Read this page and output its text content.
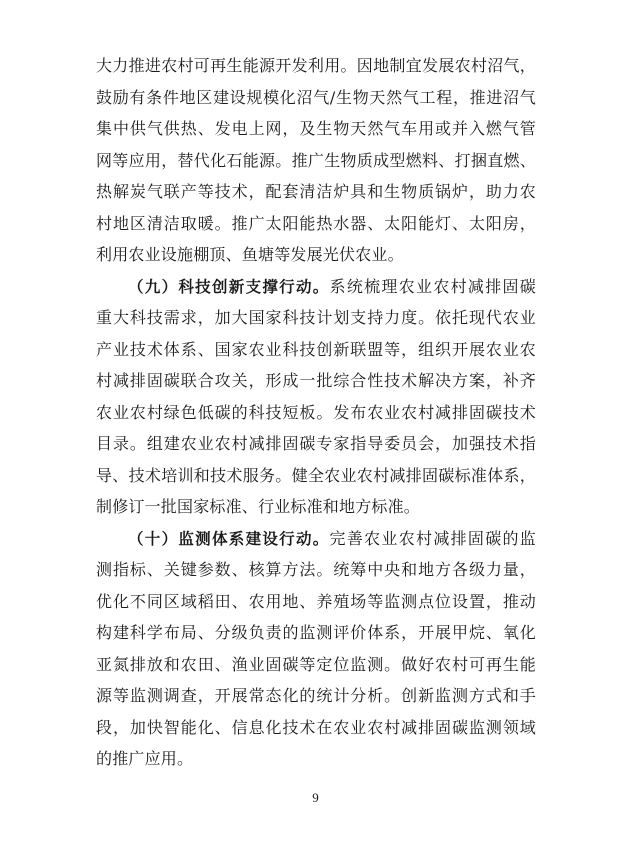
大力推进农村可再生能源开发利用。因地制宜发展农村沼气，
鼓励有条件地区建设规模化沼气/生物天然气工程，推进沼气
集中供气供热、发电上网，及生物天然气车用或并入燃气管
网等应用，替代化石能源。推广生物质成型燃料、打捆直燃、
热解炭气联产等技术，配套清洁炉具和生物质锅炉，助力农
村地区清洁取暖。推广太阳能热水器、太阳能灯、太阳房，
利用农业设施棚顶、鱼塘等发展光伏农业。
（九）科技创新支撑行动。系统梳理农业农村减排固碳
重大科技需求，加大国家科技计划支持力度。依托现代农业
产业技术体系、国家农业科技创新联盟等，组织开展农业农
村减排固碳联合攻关，形成一批综合性技术解决方案，补齐
农业农村绿色低碳的科技短板。发布农业农村减排固碳技术
目录。组建农业农村减排固碳专家指导委员会，加强技术指
导、技术培训和技术服务。健全农业农村减排固碳标准体系，
制修订一批国家标准、行业标准和地方标准。
（十）监测体系建设行动。完善农业农村减排固碳的监
测指标、关键参数、核算方法。统筹中央和地方各级力量，
优化不同区域稻田、农用地、养殖场等监测点位设置，推动
构建科学布局、分级负责的监测评价体系，开展甲烷、氧化
亚氮排放和农田、渔业固碳等定位监测。做好农村可再生能
源等监测调查，开展常态化的统计分析。创新监测方式和手
段，加快智能化、信息化技术在农业农村减排固碳监测领域
的推广应用。
9
